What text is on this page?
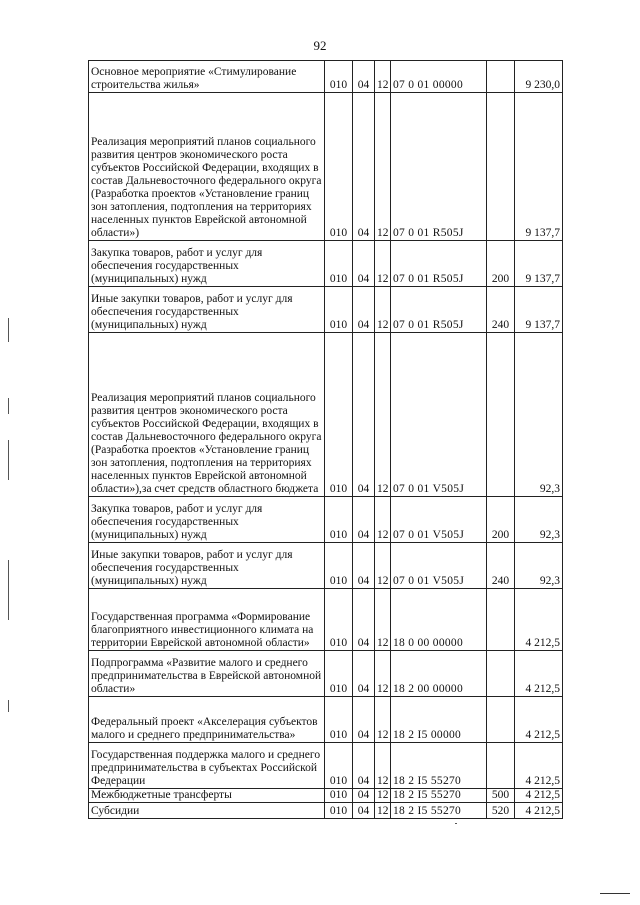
92
Основное мероприятие «Стимулирование строительства жилья»	010	04	12	07 0 01 00000		9 230,0
Реализация мероприятий планов социального развития центров экономического роста субъектов Российской Федерации, входящих в состав Дальневосточного федерального округа (Разработка проектов «Установление границ зон затопления, подтопления на территориях населенных пунктов Еврейской автономной области»)	010	04	12	07 0 01 R505J		9 137,7
Закупка товаров, работ и услуг для обеспечения государственных (муниципальных) нужд	010	04	12	07 0 01 R505J	200	9 137,7
Иные закупки товаров, работ и услуг для обеспечения государственных (муниципальных) нужд	010	04	12	07 0 01 R505J	240	9 137,7
Реализация мероприятий планов социального развития центров экономического роста субъектов Российской Федерации, входящих в состав Дальневосточного федерального округа (Разработка проектов «Установление границ зон затопления, подтопления на территориях населенных пунктов Еврейской автономной области»),за счет средств областного бюджета	010	04	12	07 0 01 V505J		92,3
Закупка товаров, работ и услуг для обеспечения государственных (муниципальных) нужд	010	04	12	07 0 01 V505J	200	92,3
Иные закупки товаров, работ и услуг для обеспечения государственных (муниципальных) нужд	010	04	12	07 0 01 V505J	240	92,3
Государственная программа «Формирование благоприятного инвестиционного климата на территории Еврейской автономной области»	010	04	12	18 0 00 00000		4 212,5
Подпрограмма «Развитие малого и среднего предпринимательства в Еврейской автономной области»	010	04	12	18 2 00 00000		4 212,5
Федеральный проект «Акселерация субъектов малого и среднего предпринимательства»	010	04	12	18 2 I5 00000		4 212,5
Государственная поддержка малого и среднего предпринимательства в субъектах Российской Федерации	010	04	12	18 2 I5 55270		4 212,5
Межбюджетные трансферты	010	04	12	18 2 I5 55270	500	4 212,5
Субсидии	010	04	12	18 2 I5 55270	520	4 212,5
